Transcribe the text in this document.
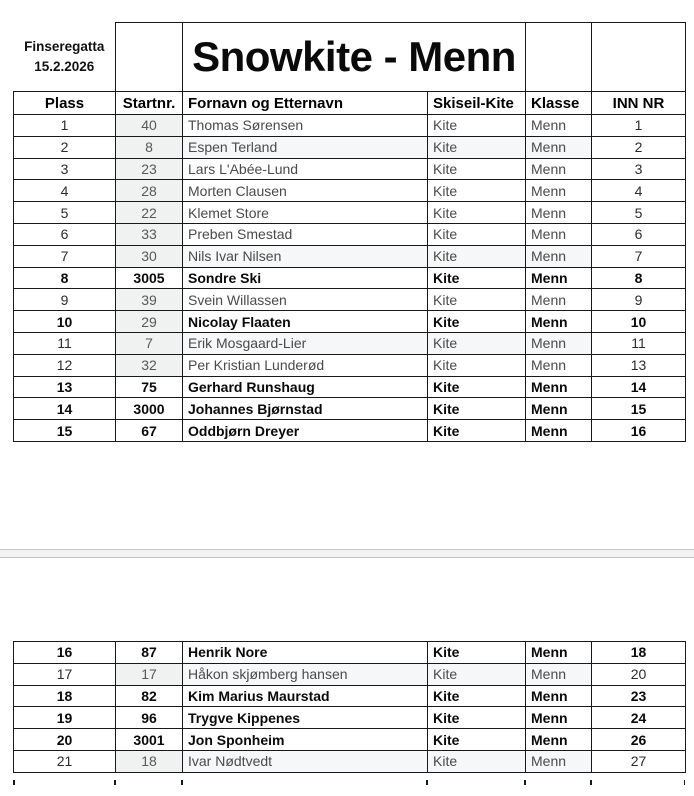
Finseregatta
15.2.2026		Snowkite - Menn			
Plass	Startnr.	Fornavn og Etternavn	Skiseil-Kite	Klasse	INN NR
1	40	Thomas Sørensen	Kite	Menn	1
2	8	Espen Terland	Kite	Menn	2
3	23	Lars L'Abée-Lund	Kite	Menn	3
4	28	Morten Clausen	Kite	Menn	4
5	22	Klemet Store	Kite	Menn	5
6	33	Preben Smestad	Kite	Menn	6
7	30	Nils Ivar Nilsen	Kite	Menn	7
8	3005	Sondre Ski	Kite	Menn	8
9	39	Svein Willassen	Kite	Menn	9
10	29	Nicolay Flaaten	Kite	Menn	10
11	7	Erik Mosgaard-Lier	Kite	Menn	11
12	32	Per Kristian Lunderød	Kite	Menn	13
13	75	Gerhard Runshaug	Kite	Menn	14
14	3000	Johannes Bjørnstad	Kite	Menn	15
15	67	Oddbjørn Dreyer	Kite	Menn	16
16	87	Henrik Nore	Kite	Menn	18
17	17	Håkon skjømberg hansen	Kite	Menn	20
18	82	Kim Marius Maurstad	Kite	Menn	23
19	96	Trygve Kippenes	Kite	Menn	24
20	3001	Jon Sponheim	Kite	Menn	26
21	18	Ivar Nødtvedt	Kite	Menn	27
